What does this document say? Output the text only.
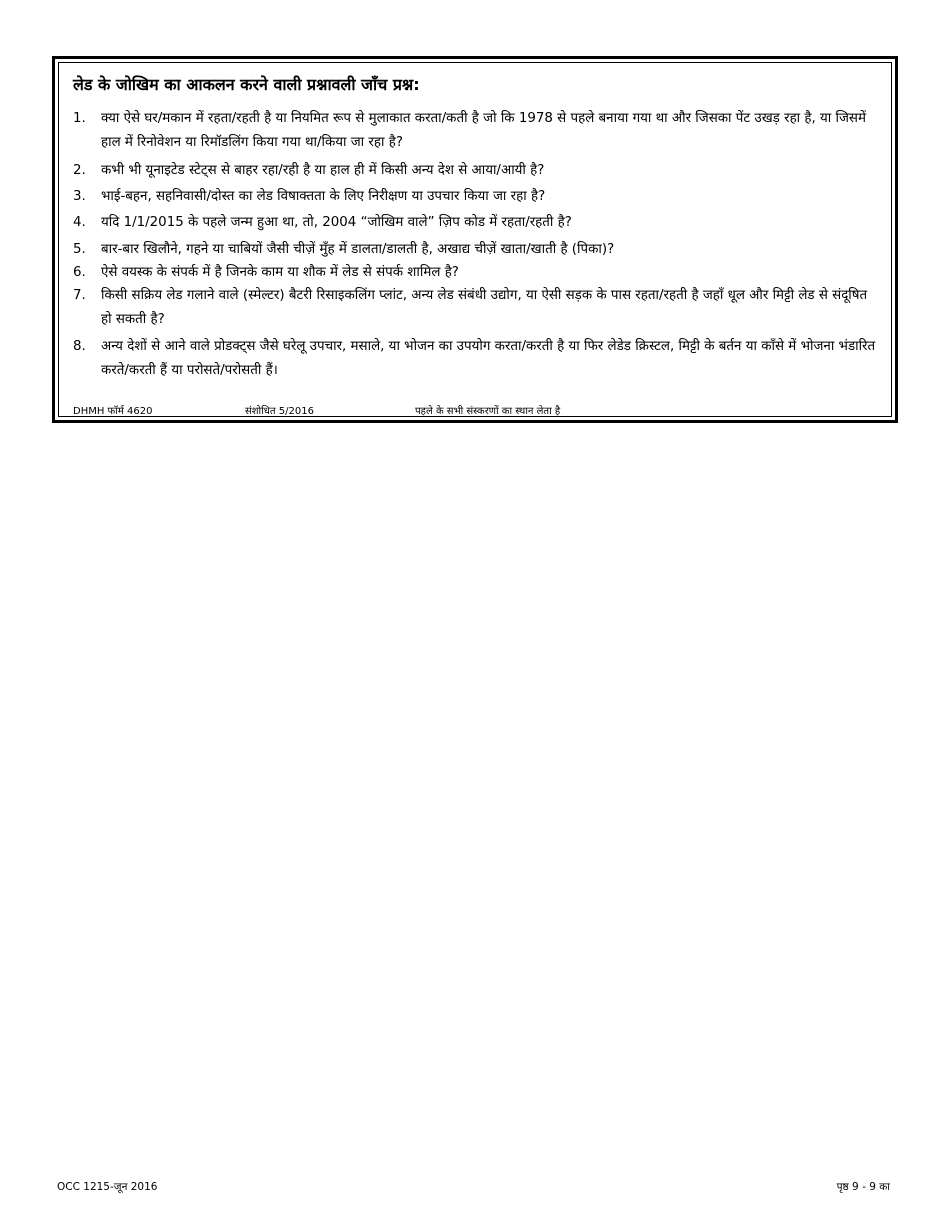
लेड के जोखिम का आकलन करने वाली प्रश्नावली जाँच प्रश्न:
1.	क्या ऐसे घर/मकान में रहता/रहती है या नियमित रूप से मुलाकात करता/कती है जो कि 1978 से पहले बनाया गया था और जिसका पेंट उखड़ रहा है, या जिसमें हाल में रिनोवेशन या रिमॉडलिंग किया गया था/किया जा रहा है?
2.	कभी भी यूनाइटेड स्टेट्स से बाहर रहा/रही है या हाल ही में किसी अन्य देश से आया/आयी है?
3.	भाई-बहन, सहनिवासी/दोस्त का लेड विषाक्तता के लिए निरीक्षण या उपचार किया जा रहा है?
4.	यदि 1/1/2015 के पहले जन्म हुआ था, तो, 2004 “जोखिम वाले” ज़िप कोड में रहता/रहती है?
5.	बार-बार खिलौने, गहने या चाबियों जैसी चीज़ें मुँह में डालता/डालती है, अखाद्य चीज़ें खाता/खाती है (पिका)?
6.	ऐसे वयस्क के संपर्क में है जिनके काम या शौक में लेड से संपर्क शामिल है?
7.	किसी सक्रिय लेड गलाने वाले (स्मेल्टर) बैटरी रिसाइकलिंग प्लांट, अन्य लेड संबंधी उद्योग, या ऐसी सड़क के पास रहता/रहती है जहाँ धूल और मिट्टी लेड से संदूषित हो सकती है?
8.	अन्य देशों से आने वाले प्रोडक्ट्स जैसे घरेलू उपचार, मसाले, या भोजन का उपयोग करता/करती है या फिर लेडेड क्रिस्टल, मिट्टी के बर्तन या काँसे में भोजना भंडारित करते/करती हैं या परोसते/परोसती हैं।
DHMH फॉर्म 4620	संशोधित 5/2016	पहले के सभी संस्करणों का स्थान लेता है
OCC 1215-जून 2016	पृष्ठ 9 - 9 का
